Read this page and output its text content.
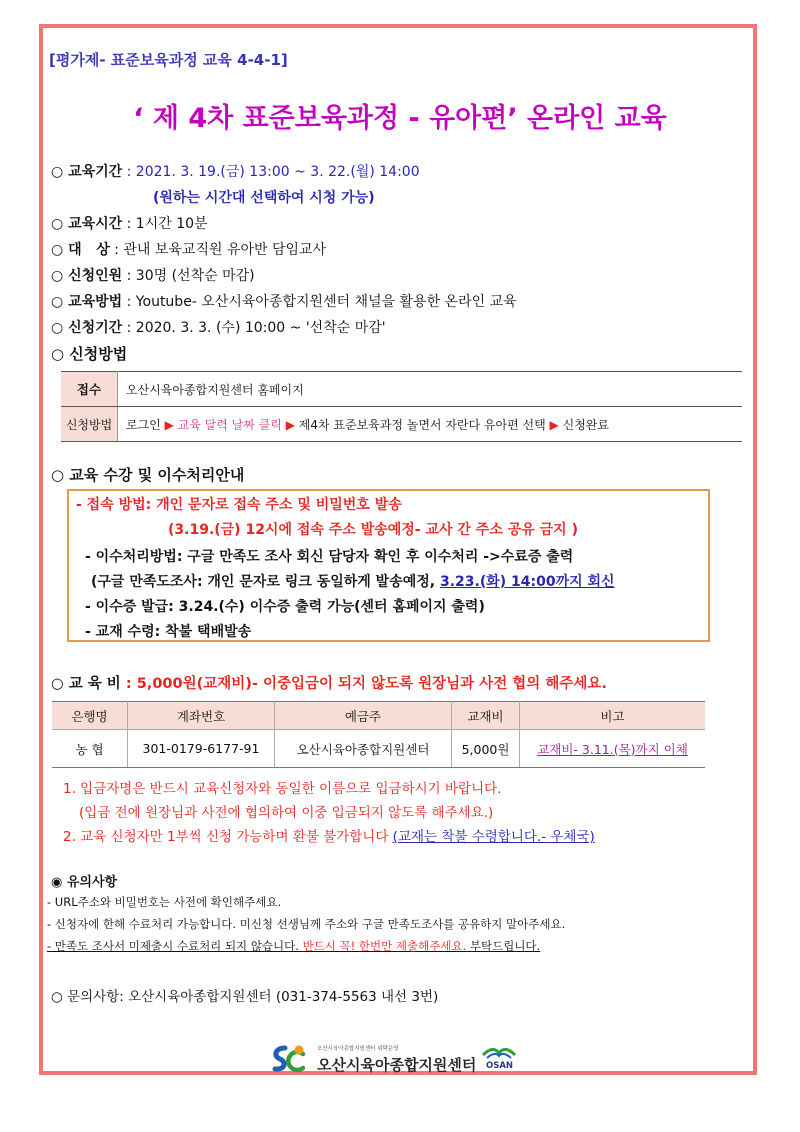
[평가제- 표준보육과정 교육 4-4-1]
‘ 제 4차 표준보육과정 - 유아편’ 온라인 교육
○ 교육기간 : 2021. 3. 19.(금) 13:00 ~ 3. 22.(월) 14:00
(원하는 시간대 선택하여 시청 가능)
○ 교육시간 : 1시간 10분
○ 대   상 : 관내 보육교직원 유아반 담임교사
○ 신청인원 : 30명 (선착순 마감)
○ 교육방법 : Youtube- 오산시육아종합지원센터 채널을 활용한 온라인 교육
○ 신청기간 : 2020. 3. 3. (수) 10:00 ~ '선착순 마감'
○ 신청방법
접수	오산시육아종합지원센터 홈페이지
신청방법	로그인 ▶ 교육 달력 날짜 클릭 ▶ 제4차 표준보육과정 놀면서 자란다 유아편 선택 ▶ 신청완료
○ 교육 수강 및 이수처리안내
- 접속 방법: 개인 문자로 접속 주소 및 비밀번호 발송
(3.19.(금) 12시에 접속 주소 발송예정- 교사 간 주소 공유 금지 )
- 이수처리방법: 구글 만족도 조사 회신 담당자 확인 후 이수처리 ->수료증 출력
(구글 만족도조사: 개인 문자로 링크 동일하게 발송예정, 3.23.(화) 14:00까지 회신
- 이수증 발급: 3.24.(수) 이수증 출력 가능(센터 홈페이지 출력)
- 교재 수령: 착불 택배발송
○ 교 육 비 : 5,000원(교재비)- 이중입금이 되지 않도록 원장님과 사전 협의 해주세요.
은행명	계좌번호	예금주	교재비	비고
농 협	301-0179-6177-91	오산시육아종합지원센터	5,000원	교재비- 3.11.(목)까지 이체
1. 입금자명은 반드시 교육신청자와 동일한 이름으로 입금하시기 바랍니다.
(입금 전에 원장님과 사전에 협의하여 이중 입금되지 않도록 해주세요.)
2. 교육 신청자만 1부씩 신청 가능하며 환불 불가합니다 (교재는 착불 수령합니다.- 우체국)
◉ 유의사항
- URL주소와 비밀번호는 사전에 확인해주세요.
- 신청자에 한해 수료처리 가능합니다. 미신청 선생님께 주소와 구글 만족도조사를 공유하지 말아주세요.
- 만족도 조사서 미제출시 수료처리 되지 않습니다. 반드시 꼭! 한번만 제출해주세요. 부탁드립니다.
○ 문의사항: 오산시육아종합지원센터 (031-374-5563 내선 3번)
오산시육아종합지원센터 위탁운영
오산시육아종합지원센터 OSAN
